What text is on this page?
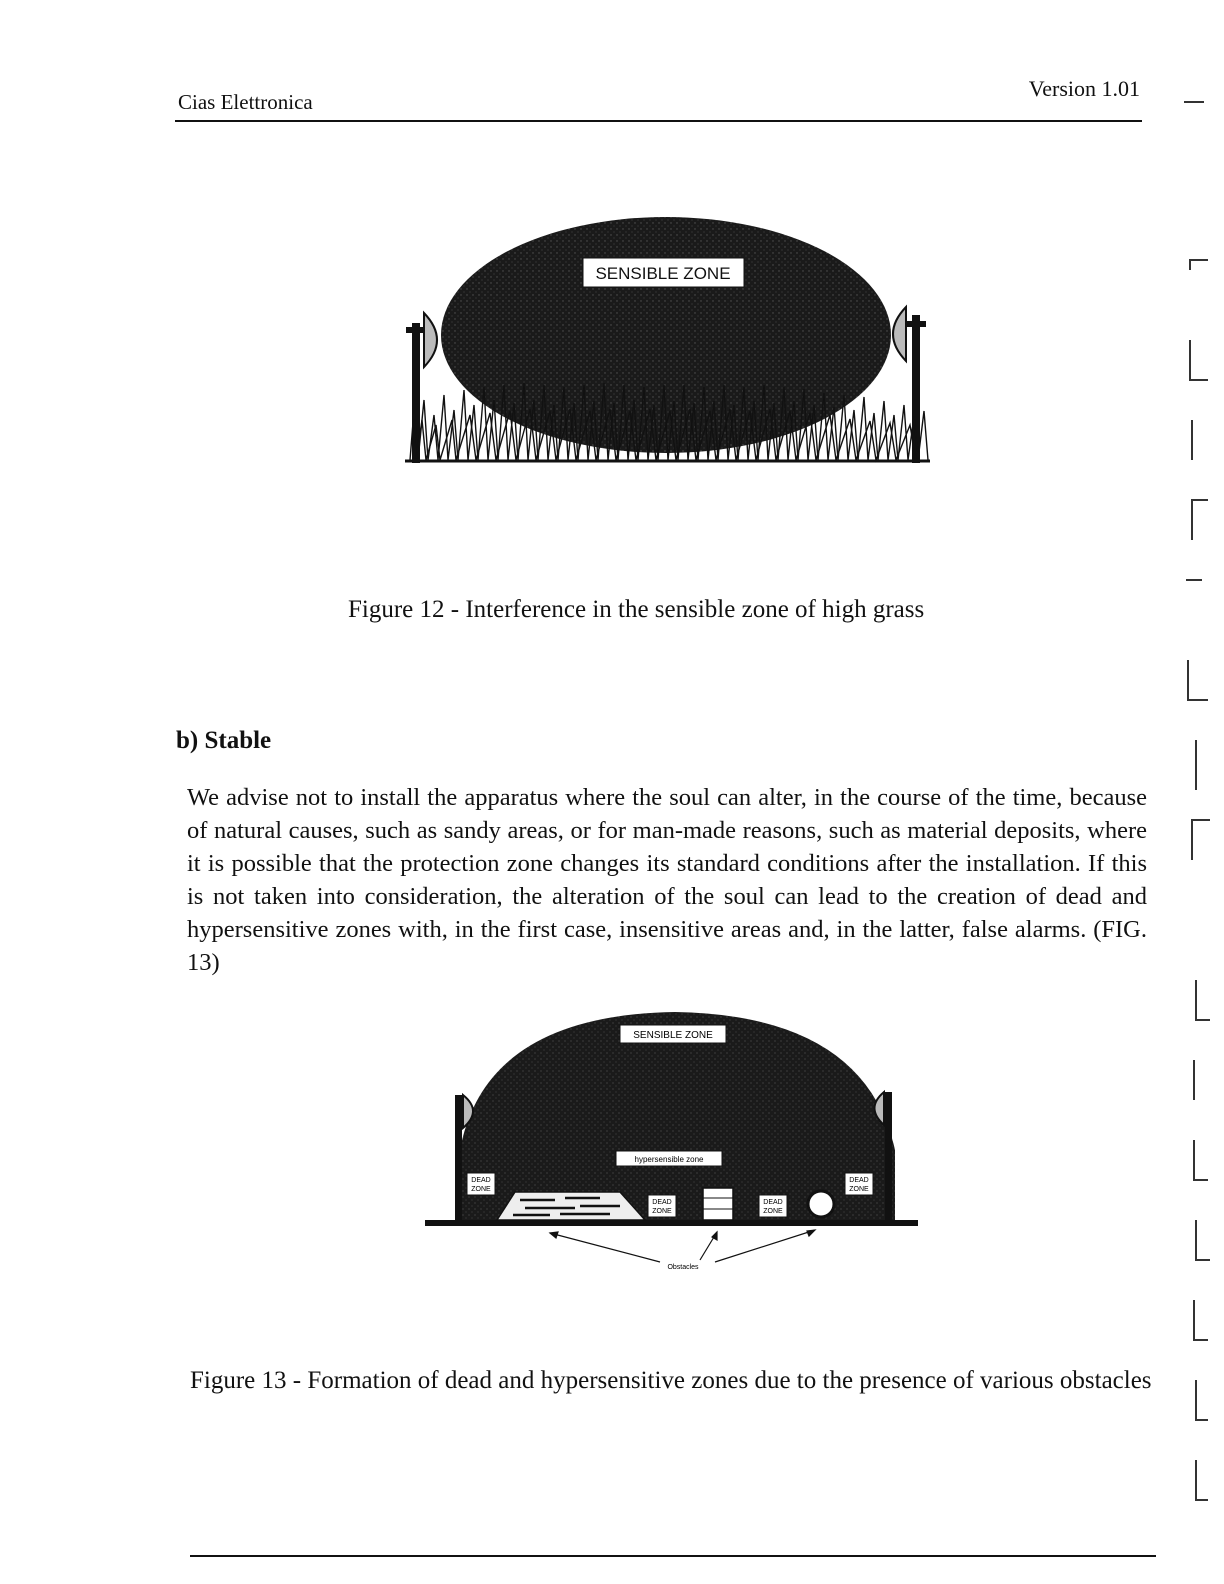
Cias Elettronica
Version 1.01
SENSIBLE ZONE
Figure 12 - Interference in the sensible zone of high grass
b) Stable
We advise not to install the apparatus where the soul can alter, in the course of the time, because of natural causes, such as sandy areas, or for man-made reasons, such as material deposits, where it is possible that the protection zone changes its standard conditions after the installation. If this is not taken into consideration, the alteration of the soul can lead to the creation of dead and hypersensitive zones with, in the first case, insensitive areas and, in the latter, false alarms. (FIG. 13)
DEAD
ZONE
DEAD
ZONE
DEAD
ZONE
DEAD
ZONE
SENSIBLE ZONE
hypersensible zone
Obstacles
Figure 13 - Formation of dead and hypersensitive zones due to the presence of various obstacles
